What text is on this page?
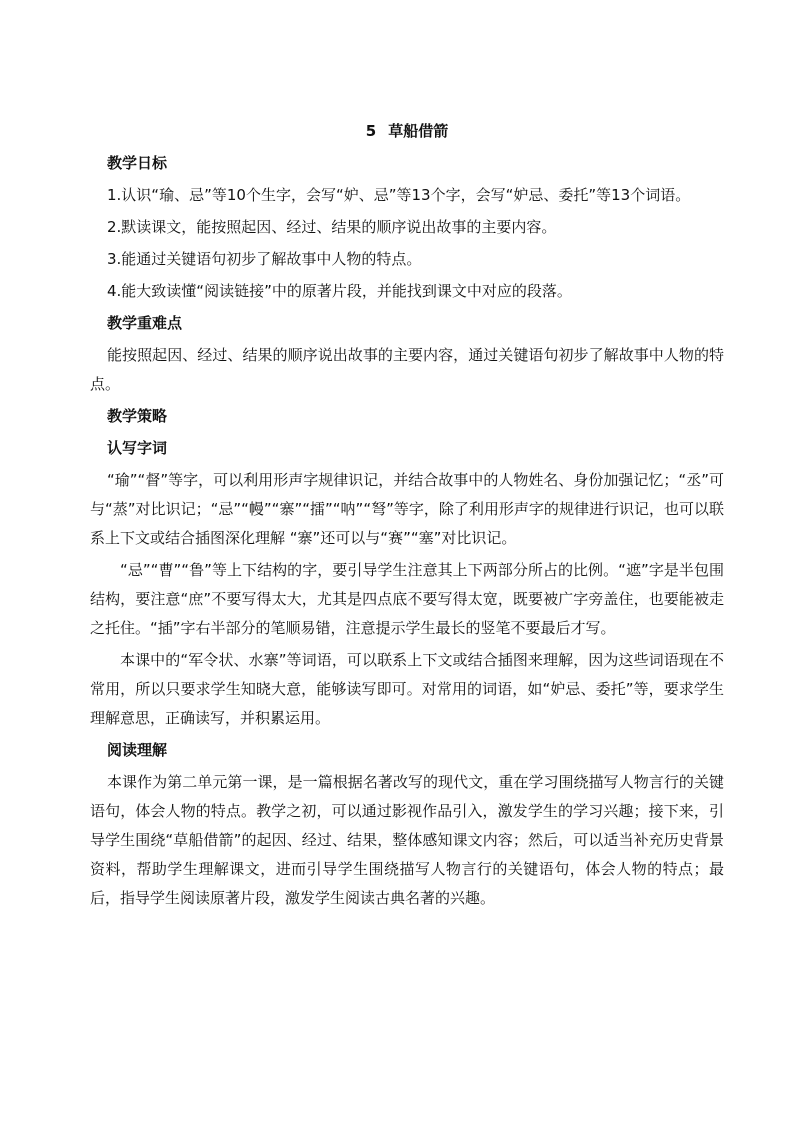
5 草船借箭
教学日标
1.认识“瑜、忌”等10个生字，会写“妒、忌”等13个字，会写“妒忌、委托”等13个词语。
2.默读课文，能按照起因、经过、结果的顺序说出故事的主要内容。
3.能通过关键语句初步了解故事中人物的特点。
4.能大致读懂“阅读链接”中的原著片段，并能找到课文中对应的段落。
教学重难点
能按照起因、经过、结果的顺序说出故事的主要内容，通过关键语句初步了解故事中人物的特点。
教学策略
认写字词
“瑜”“督”等字，可以利用形声字规律识记，并结合故事中的人物姓名、身份加强记忆；“丞”可与“蒸”对比识记；“忌”“幔”“寨”“擂”“呐”“弩”等字，除了利用形声字的规律进行识记，也可以联系上下文或结合插图深化理解 “寨”还可以与“赛”“塞”对比识记。
“忌”“曹”“鲁”等上下结构的字，要引导学生注意其上下两部分所占的比例。“遮”字是半包围结构，要注意“庶”不要写得太大，尤其是四点底不要写得太宽，既要被广字旁盖住，也要能被走之托住。“插”字右半部分的笔顺易错，注意提示学生最长的竖笔不要最后才写。
本课中的“军令状、水寨”等词语，可以联系上下文或结合插图来理解，因为这些词语现在不常用，所以只要求学生知晓大意，能够读写即可。对常用的词语，如“妒忌、委托”等，要求学生理解意思，正确读写，并积累运用。
阅读理解
本课作为第二单元第一课，是一篇根据名著改写的现代文，重在学习围绕描写人物言行的关键语句，体会人物的特点。教学之初，可以通过影视作品引入，激发学生的学习兴趣；接下来，引导学生围绕“草船借箭”的起因、经过、结果，整体感知课文内容；然后，可以适当补充历史背景资料，帮助学生理解课文，进而引导学生围绕描写人物言行的关键语句，体会人物的特点；最后，指导学生阅读原著片段，激发学生阅读古典名著的兴趣。
